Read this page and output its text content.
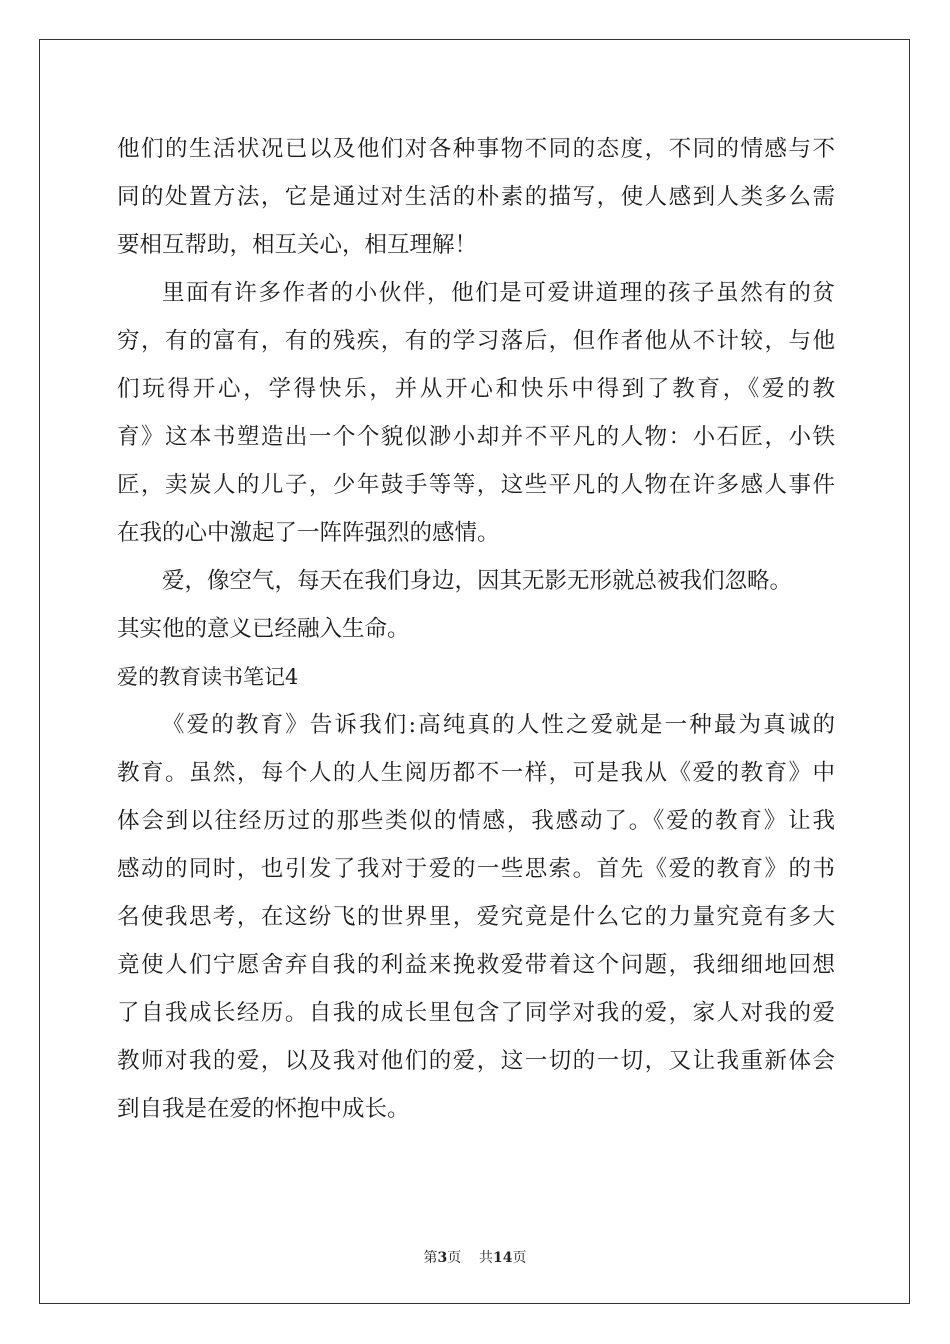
他们的生活状况已以及他们对各种事物不同的态度，不同的情感与不
同的处置方法，它是通过对生活的朴素的描写，使人感到人类多么需
要相互帮助，相互关心，相互理解！
里面有许多作者的小伙伴，他们是可爱讲道理的孩子虽然有的贫
穷，有的富有，有的残疾，有的学习落后，但作者他从不计较，与他
们玩得开心，学得快乐，并从开心和快乐中得到了教育，《爱的教
育》这本书塑造出一个个貌似渺小却并不平凡的人物：小石匠，小铁
匠，卖炭人的儿子，少年鼓手等等，这些平凡的人物在许多感人事件
在我的心中激起了一阵阵强烈的感情。
爱，像空气，每天在我们身边，因其无影无形就总被我们忽略。
其实他的意义已经融入生命。
爱的教育读书笔记4
《爱的教育》告诉我们:高纯真的人性之爱就是一种最为真诚的
教育。虽然，每个人的人生阅历都不一样，可是我从《爱的教育》中
体会到以往经历过的那些类似的情感，我感动了。《爱的教育》让我
感动的同时，也引发了我对于爱的一些思索。首先《爱的教育》的书
名使我思考，在这纷飞的世界里，爱究竟是什么它的力量究竟有多大
竟使人们宁愿舍弃自我的利益来挽救爱带着这个问题，我细细地回想
了自我成长经历。自我的成长里包含了同学对我的爱，家人对我的爱
教师对我的爱，以及我对他们的爱，这一切的一切，又让我重新体会
到自我是在爱的怀抱中成长。
第3页 共14页
